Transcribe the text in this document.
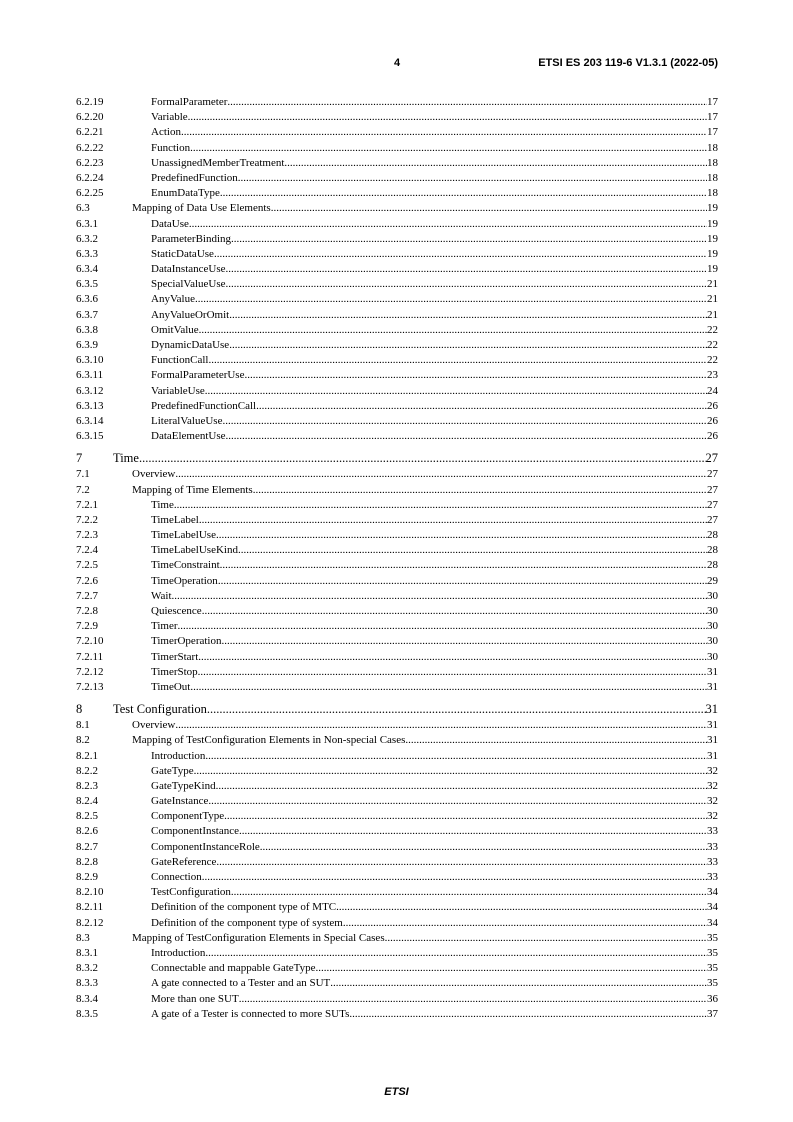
4	ETSI ES 203 119-6 V1.3.1 (2022-05)
6.2.19	FormalParameter .....	17
6.2.20	Variable .....	17
6.2.21	Action .....	17
6.2.22	Function .....	18
6.2.23	UnassignedMemberTreatment .....	18
6.2.24	PredefinedFunction .....	18
6.2.25	EnumDataType .....	18
6.3	Mapping of Data Use Elements .....	19
6.3.1	DataUse .....	19
6.3.2	ParameterBinding .....	19
6.3.3	StaticDataUse .....	19
6.3.4	DataInstanceUse .....	19
6.3.5	SpecialValueUse .....	21
6.3.6	AnyValue .....	21
6.3.7	AnyValueOrOmit .....	21
6.3.8	OmitValue .....	22
6.3.9	DynamicDataUse .....	22
6.3.10	FunctionCall .....	22
6.3.11	FormalParameterUse .....	23
6.3.12	VariableUse .....	24
6.3.13	PredefinedFunctionCall .....	26
6.3.14	LiteralValueUse .....	26
6.3.15	DataElementUse .....	26
7 Time .....	27
7.1	Overview .....	27
7.2	Mapping of Time Elements .....	27
7.2.1	Time .....	27
7.2.2	TimeLabel .....	27
7.2.3	TimeLabelUse .....	28
7.2.4	TimeLabelUseKind .....	28
7.2.5	TimeConstraint .....	28
7.2.6	TimeOperation .....	29
7.2.7	Wait .....	30
7.2.8	Quiescence .....	30
7.2.9	Timer .....	30
7.2.10	TimerOperation .....	30
7.2.11	TimerStart .....	30
7.2.12	TimerStop .....	31
7.2.13	TimeOut .....	31
8 Test Configuration .....	31
8.1	Overview .....	31
8.2	Mapping of TestConfiguration Elements in Non-special Cases .....	31
8.2.1	Introduction .....	31
8.2.2	GateType .....	32
8.2.3	GateTypeKind .....	32
8.2.4	GateInstance .....	32
8.2.5	ComponentType .....	32
8.2.6	ComponentInstance .....	33
8.2.7	ComponentInstanceRole .....	33
8.2.8	GateReference .....	33
8.2.9	Connection .....	33
8.2.10	TestConfiguration .....	34
8.2.11	Definition of the component type of MTC .....	34
8.2.12	Definition of the component type of system .....	34
8.3	Mapping of TestConfiguration Elements in Special Cases .....	35
8.3.1	Introduction .....	35
8.3.2	Connectable and mappable GateType .....	35
8.3.3	A gate connected to a Tester and an SUT .....	35
8.3.4	More than one SUT .....	36
8.3.5	A gate of a Tester is connected to more SUTs .....	37
ETSI
